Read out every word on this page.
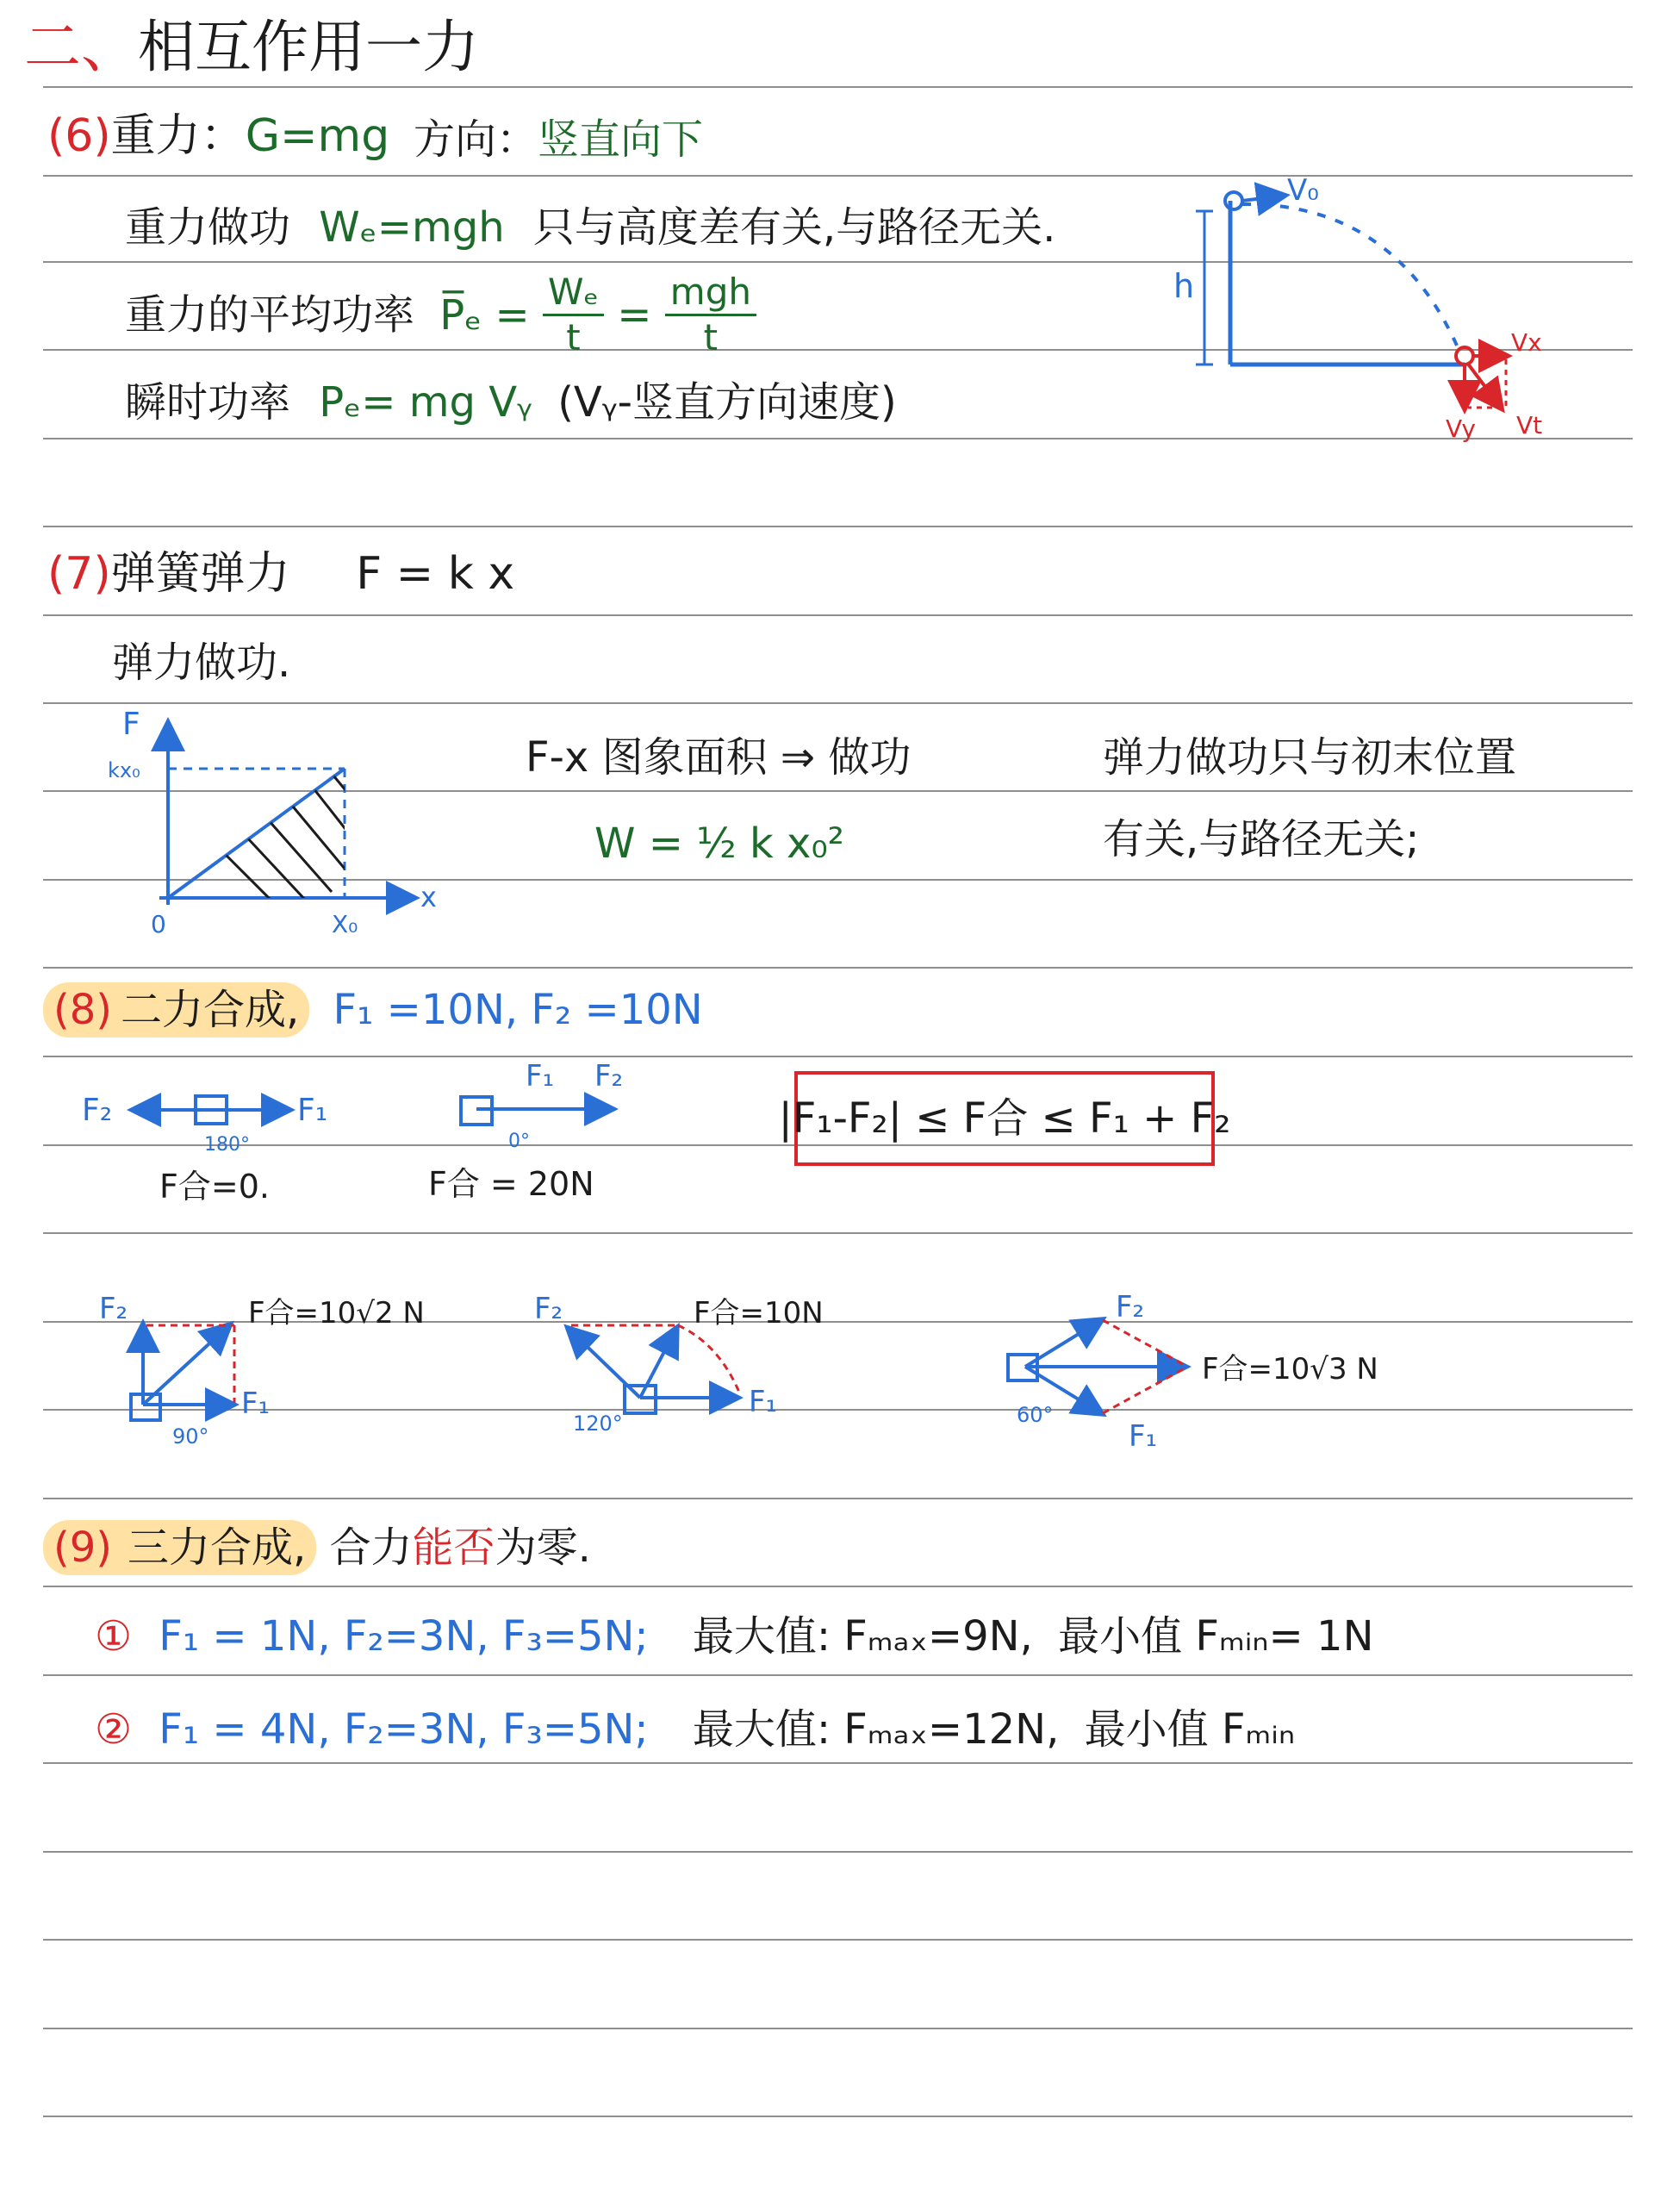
二、相互作用一力
(6)重力：G=mg 方向：竖直向下
重力做功 Wₑ=mgh 只与高度差有关,与路径无关.
重力的平均功率 P̅ₑ = $\frac{\text{Wₑ}}{t} = \frac{\text{mgh}}{t}$
瞬时功率 Pₑ= mg Vᵧ (Vᵧ-竖直方向速度)
V₀
h
Vx
Vy Vt
(7)弹簧弹力 F = k x
弹力做功.
F
kx₀
0	X₀
x
F-x 图象面积 ⇒ 做功
W = ½ k x₀²
弹力做功只与初末位置
有关,与路径无关;
(8) 二力合成, F₁ =10N, F₂ =10N
F₂	F₁
180°
F合=0.
F₁ F₂
0°
F合 = 20N
|F₁-F₂| ≤ F合 ≤ F₁ + F₂
F₂
F₁
90°
F合=10√2 N	F₂
F₁
120°
F合=10N	F₂
F₁
60°
F合=10√3 N
(9) 三力合成, 合力能否为零.
① F₁ = 1N, F₂=3N, F₃=5N; 最大值: Fₘₐₓ=9N, 最小值 Fₘᵢₙ= 1N
② F₁ = 4N, F₂=3N, F₃=5N; 最大值: Fₘₐₓ=12N, 最小值 Fₘᵢₙ
